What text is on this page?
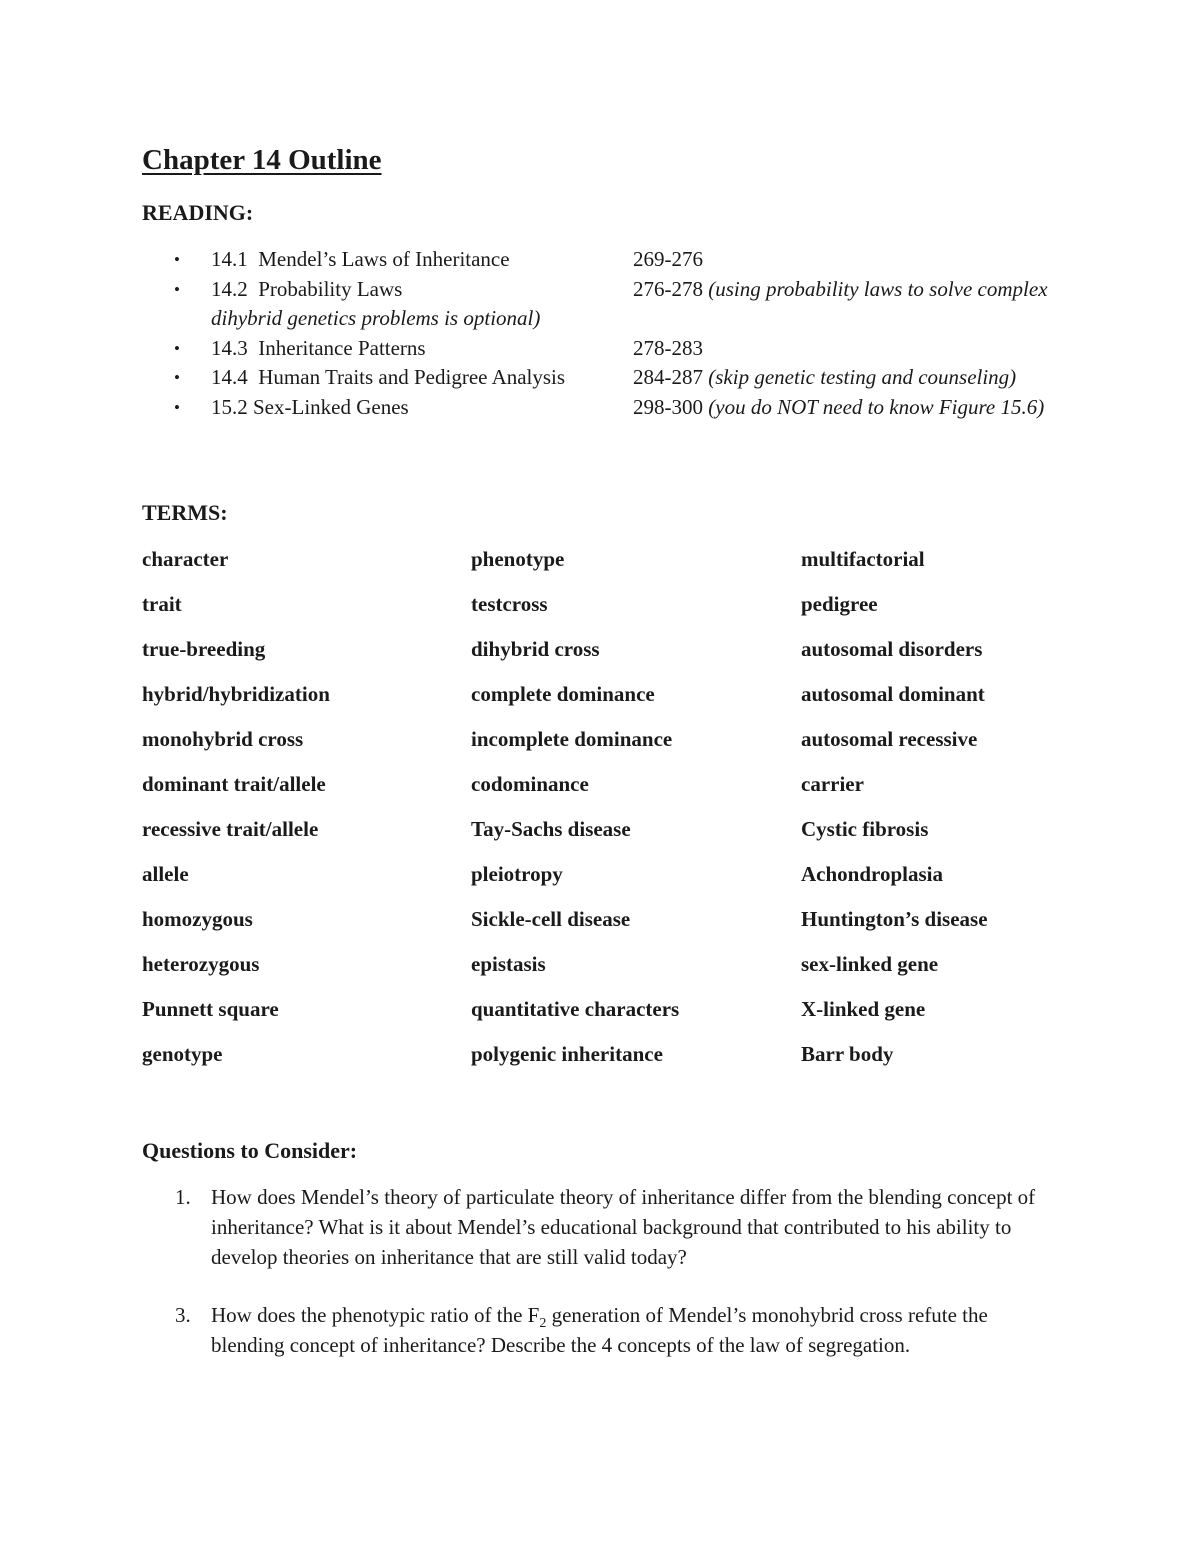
Chapter 14 Outline
READING:
•	14.1  Mendel’s Laws of Inheritance	269-276
•	14.2  Probability Laws	276-278 (using probability laws to solve complex dihybrid genetics problems is optional)
•	14.3  Inheritance Patterns	278-283
•	14.4  Human Traits and Pedigree Analysis	284-287 (skip genetic testing and counseling)
•	15.2 Sex-Linked Genes	298-300 (you do NOT need to know Figure 15.6)
TERMS:
character	phenotype	multifactorial
trait	testcross	pedigree
true-breeding	dihybrid cross	autosomal disorders
hybrid/hybridization	complete dominance	autosomal dominant
monohybrid cross	incomplete dominance	autosomal recessive
dominant trait/allele	codominance	carrier
recessive trait/allele	Tay-Sachs disease	Cystic fibrosis
allele	pleiotropy	Achondroplasia
homozygous	Sickle-cell disease	Huntington’s disease
heterozygous	epistasis	sex-linked gene
Punnett square	quantitative characters	X-linked gene
genotype	polygenic inheritance	Barr body
Questions to Consider:
1. How does Mendel’s theory of particulate theory of inheritance differ from the blending concept of inheritance? What is it about Mendel’s educational background that contributed to his ability to develop theories on inheritance that are still valid today?
3. How does the phenotypic ratio of the $F_2$ generation of Mendel’s monohybrid cross refute the blending concept of inheritance? Describe the 4 concepts of the law of segregation.
